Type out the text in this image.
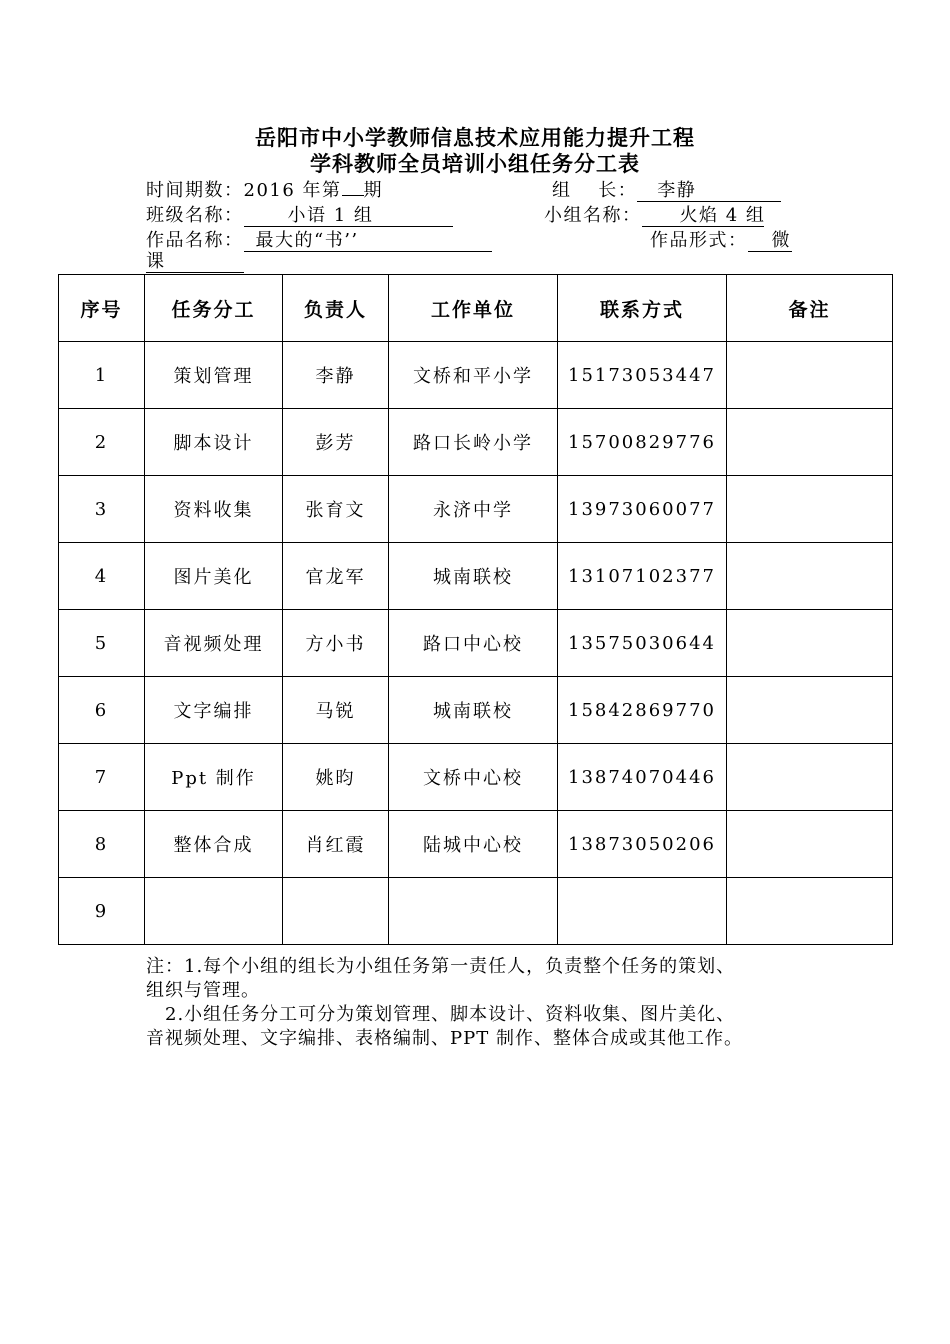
岳阳市中小学教师信息技术应用能力提升工程
学科教师全员培训小组任务分工表
时间期数：2016 年第 期	组　 长： 李静
班级名称： 小语 1 组	小组名称： 火焰 4 组
作品名称： 最大的“书’’	作品形式： 微
课
序号	任务分工	负责人	工作单位	联系方式	备注
1	策划管理	李静	文桥和平小学	15173053447	
2	脚本设计	彭芳	路口长岭小学	15700829776	
3	资料收集	张育文	永济中学	13973060077	
4	图片美化	官龙军	城南联校	13107102377	
5	音视频处理	方小书	路口中心校	13575030644	
6	文字编排	马锐	城南联校	15842869770	
7	Ppt 制作	姚昀	文桥中心校	13874070446	
8	整体合成	肖红霞	陆城中心校	13873050206	
9					
注：1.每个小组的组长为小组任务第一责任人，负责整个任务的策划、
组织与管理。
　2.小组任务分工可分为策划管理、脚本设计、资料收集、图片美化、
音视频处理、文字编排、表格编制、PPT 制作、整体合成或其他工作。
